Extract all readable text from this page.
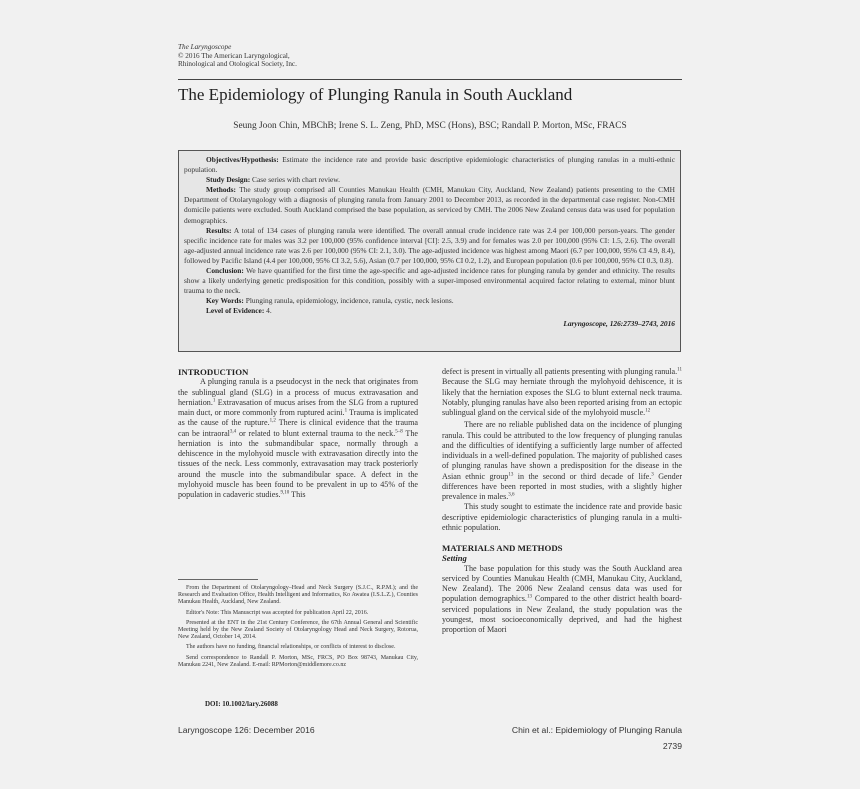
The Laryngoscope
© 2016 The American Laryngological,
Rhinological and Otological Society, Inc.
The Epidemiology of Plunging Ranula in South Auckland
Seung Joon Chin, MBChB; Irene S. L. Zeng, PhD, MSC (Hons), BSC; Randall P. Morton, MSc, FRACS

Objectives/Hypothesis: Estimate the incidence rate and provide basic descriptive epidemiologic characteristics of plunging ranulas in a multi-ethnic population.

Study Design: Case series with chart review.

Methods: The study group comprised all Counties Manukau Health (CMH, Manukau City, Auckland, New Zealand) patients presenting to the CMH Department of Otolaryngology with a diagnosis of plunging ranula from January 2001 to December 2013, as recorded in the departmental case register. Non-CMH domicile patients were excluded. South Auckland comprised the base population, as serviced by CMH. The 2006 New Zealand census data was used for population demographics.

Results: A total of 134 cases of plunging ranula were identified. The overall annual crude incidence rate was 2.4 per 100,000 person-years. The gender specific incidence rate for males was 3.2 per 100,000 (95% confidence interval [CI]: 2.5, 3.9) and for females was 2.0 per 100,000 (95% CI: 1.5, 2.6). The overall age-adjusted annual incidence rate was 2.6 per 100,000 (95% CI: 2.1, 3.0). The age-adjusted incidence was highest among Maori (6.7 per 100,000, 95% CI 4.9, 8.4), followed by Pacific Island (4.4 per 100,000, 95% CI 3.2, 5.6), Asian (0.7 per 100,000, 95% CI 0.2, 1.2), and European population (0.6 per 100,000, 95% CI 0.3, 0.8).

Conclusion: We have quantified for the first time the age-specific and age-adjusted incidence rates for plunging ranula by gender and ethnicity. The results show a likely underlying genetic predisposition for this condition, possibly with a super-imposed environmental acquired factor relating to external, minor blunt trauma to the neck.

Key Words: Plunging ranula, epidemiology, incidence, ranula, cystic, neck lesions.

Level of Evidence: 4.

Laryngoscope, 126:2739–2743, 2016

INTRODUCTION

A plunging ranula is a pseudocyst in the neck that originates from the sublingual gland (SLG) in a process of mucus extravasation and herniation.$^1$ Extravasation of mucus arises from the SLG from a ruptured main duct, or more commonly from ruptured acini.$^1$ Trauma is implicated as the cause of the rupture.$^{1,2}$ There is clinical evidence that the trauma can be intraoral$^{3,4}$ or related to blunt external trauma to the neck.$^{5-8}$ The herniation is into the submandibular space, normally through a dehiscence in the mylohyoid muscle with extravasation directly into the tissues of the neck. Less commonly, extravasation may track posteriorly around the muscle into the submandibular space. A defect in the mylohyoid muscle has been found to be prevalent in up to 45% of the population in cadaveric studies.$^{9,10}$ This

From the Department of Otolaryngology–Head and Neck Surgery (S.J.C., R.P.M.); and the Research and Evaluation Office, Health Intelligent and Informatics, Ko Awatea (I.S.L.Z.), Counties Manukau Health, Auckland, New Zealand.

Editor's Note: This Manuscript was accepted for publication April 22, 2016.

Presented at the ENT in the 21st Century Conference, the 67th Annual General and Scientific Meeting held by the New Zealand Society of Otolaryngology Head and Neck Surgery, Rotorua, New Zealand, October 14, 2014.

The authors have no funding, financial relationships, or conflicts of interest to disclose.

Send correspondence to Randall P. Morton, MSc, FRCS, PO Box 98743, Manukau City, Manukau 2241, New Zealand. E-mail: RPMorton@middlemore.co.nz

DOI: 10.1002/lary.26088

defect is present in virtually all patients presenting with plunging ranula.$^{11}$ Because the SLG may herniate through the mylohyoid dehiscence, it is likely that the herniation exposes the SLG to blunt external neck trauma. Notably, plunging ranulas have also been reported arising from an ectopic sublingual gland on the cervical side of the mylohyoid muscle.$^{12}$

There are no reliable published data on the incidence of plunging ranula. This could be attributed to the low frequency of plunging ranulas and the difficulties of identifying a sufficiently large number of affected individuals in a well-defined population. The majority of published cases of plunging ranulas have shown a predisposition for the disease in the Asian ethnic group$^{13}$ in the second or third decade of life.$^3$ Gender differences have been reported in most studies, with a slightly higher prevalence in males.$^{3,6}$

This study sought to estimate the incidence rate and provide basic descriptive epidemiologic characteristics of plunging ranula in a multi-ethnic population.

MATERIALS AND METHODS
Setting

The base population for this study was the South Auckland area serviced by Counties Manukau Health (CMH, Manukau City, Auckland, New Zealand). The 2006 New Zealand census data was used for population demographics.$^{13}$ Compared to the other district health board-serviced populations in New Zealand, the study population was the youngest, most socioeconomically deprived, and had the highest proportion of Maori

Laryngoscope 126: December 2016	Chin et al.: Epidemiology of Plunging Ranula
2739
